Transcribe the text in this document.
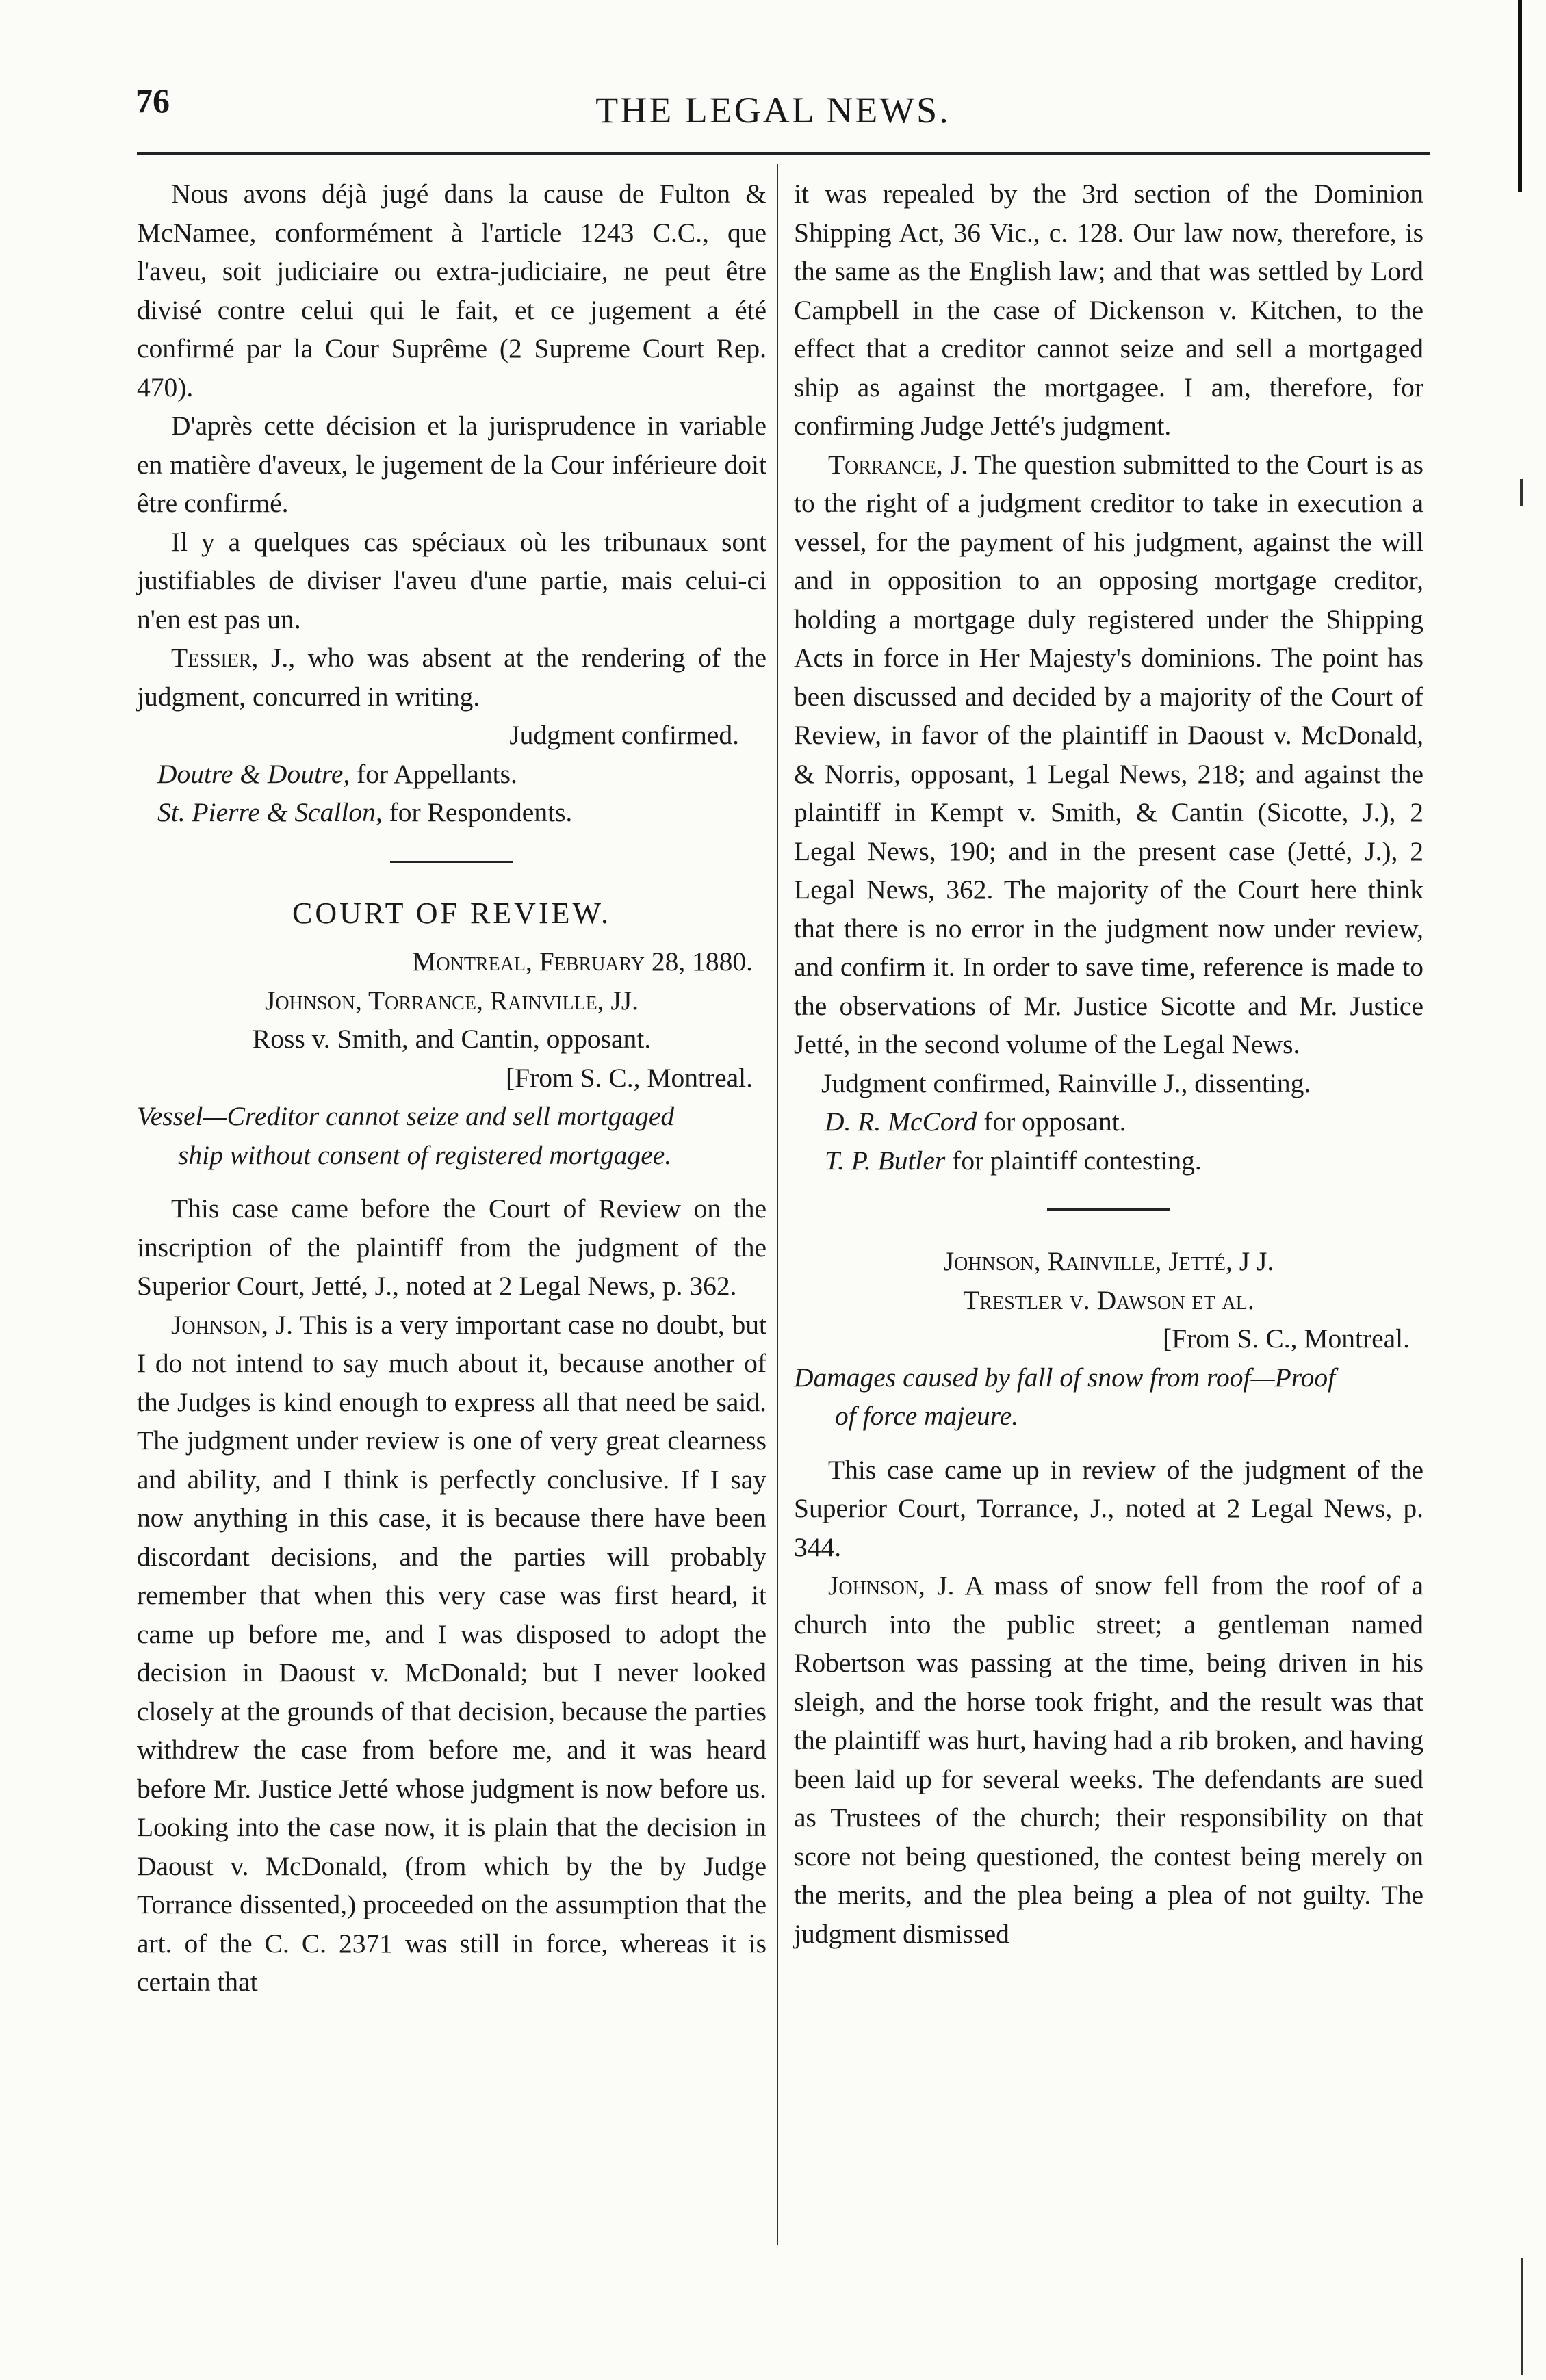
76	THE LEGAL NEWS.

Nous avons déjà jugé dans la cause de Fulton & McNamee, conformément à l'article 1243 C.C., que l'aveu, soit judiciaire ou extra-judiciaire, ne peut être divisé contre celui qui le fait, et ce jugement a été confirmé par la Cour Suprême (2 Supreme Court Rep. 470).

D'après cette décision et la jurisprudence in variable en matière d'aveux, le jugement de la Cour inférieure doit être confirmé.

Il y a quelques cas spéciaux où les tribunaux sont justifiables de diviser l'aveu d'une partie, mais celui-ci n'en est pas un.

Tessier, J., who was absent at the rendering of the judgment, concurred in writing.

Judgment confirmed.

Doutre & Doutre, for Appellants.

St. Pierre & Scallon, for Respondents.

COURT OF REVIEW.

Montreal, February 28, 1880.

Johnson, Torrance, Rainville, JJ.

Ross v. Smith, and Cantin, opposant.

[From S. C., Montreal.

Vessel—Creditor cannot seize and sell mortgaged
ship without consent of registered mortgagee.

This case came before the Court of Review on the inscription of the plaintiff from the judgment of the Superior Court, Jetté, J., noted at 2 Legal News, p. 362.

Johnson, J. This is a very important case no doubt, but I do not intend to say much about it, because another of the Judges is kind enough to express all that need be said. The judgment under review is one of very great clearness and ability, and I think is perfectly conclusive. If I say now anything in this case, it is because there have been discordant decisions, and the parties will probably remember that when this very case was first heard, it came up before me, and I was disposed to adopt the decision in Daoust v. McDonald; but I never looked closely at the grounds of that decision, because the parties withdrew the case from before me, and it was heard before Mr. Justice Jetté whose judgment is now before us. Looking into the case now, it is plain that the decision in Daoust v. McDonald, (from which by the by Judge Torrance dissented,) proceeded on the assumption that the art. of the C. C. 2371 was still in force, whereas it is certain that

it was repealed by the 3rd section of the Dominion Shipping Act, 36 Vic., c. 128. Our law now, therefore, is the same as the English law; and that was settled by Lord Campbell in the case of Dickenson v. Kitchen, to the effect that a creditor cannot seize and sell a mortgaged ship as against the mortgagee. I am, therefore, for confirming Judge Jetté's judgment.

Torrance, J. The question submitted to the Court is as to the right of a judgment creditor to take in execution a vessel, for the payment of his judgment, against the will and in opposition to an opposing mortgage creditor, holding a mortgage duly registered under the Shipping Acts in force in Her Majesty's dominions. The point has been discussed and decided by a majority of the Court of Review, in favor of the plaintiff in Daoust v. McDonald, & Norris, opposant, 1 Legal News, 218; and against the plaintiff in Kempt v. Smith, & Cantin (Sicotte, J.), 2 Legal News, 190; and in the present case (Jetté, J.), 2 Legal News, 362. The majority of the Court here think that there is no error in the judgment now under review, and confirm it. In order to save time, reference is made to the observations of Mr. Justice Sicotte and Mr. Justice Jetté, in the second volume of the Legal News.

Judgment confirmed, Rainville J., dissenting.

D. R. McCord for opposant.

T. P. Butler for plaintiff contesting.

Johnson, Rainville, Jetté, J J.

Trestler v. Dawson et al.

[From S. C., Montreal.

Damages caused by fall of snow from roof—Proof
of force majeure.

This case came up in review of the judgment of the Superior Court, Torrance, J., noted at 2 Legal News, p. 344.

Johnson, J. A mass of snow fell from the roof of a church into the public street; a gentleman named Robertson was passing at the time, being driven in his sleigh, and the horse took fright, and the result was that the plaintiff was hurt, having had a rib broken, and having been laid up for several weeks. The defendants are sued as Trustees of the church; their responsibility on that score not being questioned, the contest being merely on the merits, and the plea being a plea of not guilty. The judgment dismissed
